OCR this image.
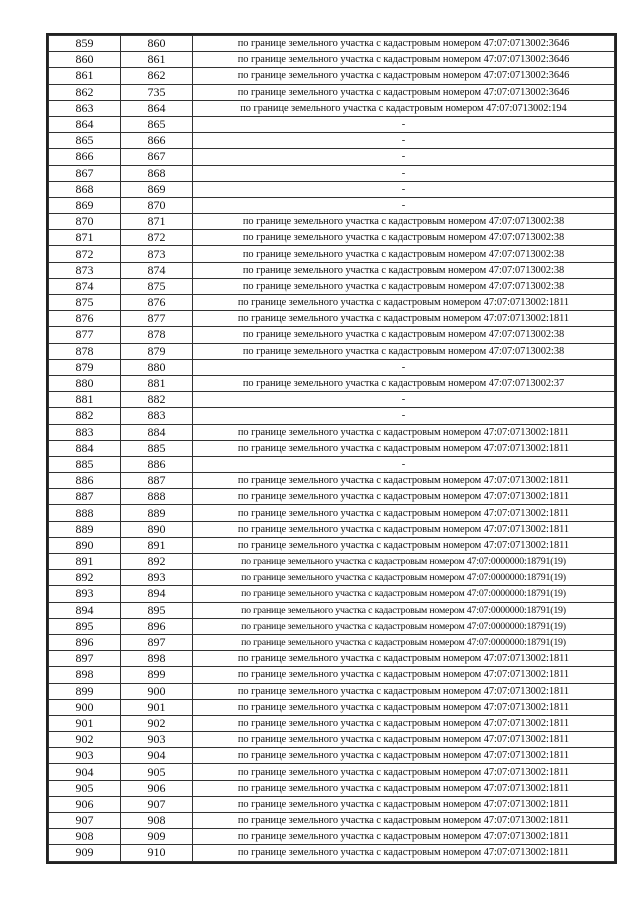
859	860	по границе земельного участка с кадастровым номером 47:07:0713002:3646
860	861	по границе земельного участка с кадастровым номером 47:07:0713002:3646
861	862	по границе земельного участка с кадастровым номером 47:07:0713002:3646
862	735	по границе земельного участка с кадастровым номером 47:07:0713002:3646
863	864	по границе земельного участка с кадастровым номером 47:07:0713002:194
864	865	-
865	866	-
866	867	-
867	868	-
868	869	-
869	870	-
870	871	по границе земельного участка с кадастровым номером 47:07:0713002:38
871	872	по границе земельного участка с кадастровым номером 47:07:0713002:38
872	873	по границе земельного участка с кадастровым номером 47:07:0713002:38
873	874	по границе земельного участка с кадастровым номером 47:07:0713002:38
874	875	по границе земельного участка с кадастровым номером 47:07:0713002:38
875	876	по границе земельного участка с кадастровым номером 47:07:0713002:1811
876	877	по границе земельного участка с кадастровым номером 47:07:0713002:1811
877	878	по границе земельного участка с кадастровым номером 47:07:0713002:38
878	879	по границе земельного участка с кадастровым номером 47:07:0713002:38
879	880	-
880	881	по границе земельного участка с кадастровым номером 47:07:0713002:37
881	882	-
882	883	-
883	884	по границе земельного участка с кадастровым номером 47:07:0713002:1811
884	885	по границе земельного участка с кадастровым номером 47:07:0713002:1811
885	886	-
886	887	по границе земельного участка с кадастровым номером 47:07:0713002:1811
887	888	по границе земельного участка с кадастровым номером 47:07:0713002:1811
888	889	по границе земельного участка с кадастровым номером 47:07:0713002:1811
889	890	по границе земельного участка с кадастровым номером 47:07:0713002:1811
890	891	по границе земельного участка с кадастровым номером 47:07:0713002:1811
891	892	по границе земельного участка с кадастровым номером 47:07:0000000:18791(19)
892	893	по границе земельного участка с кадастровым номером 47:07:0000000:18791(19)
893	894	по границе земельного участка с кадастровым номером 47:07:0000000:18791(19)
894	895	по границе земельного участка с кадастровым номером 47:07:0000000:18791(19)
895	896	по границе земельного участка с кадастровым номером 47:07:0000000:18791(19)
896	897	по границе земельного участка с кадастровым номером 47:07:0000000:18791(19)
897	898	по границе земельного участка с кадастровым номером 47:07:0713002:1811
898	899	по границе земельного участка с кадастровым номером 47:07:0713002:1811
899	900	по границе земельного участка с кадастровым номером 47:07:0713002:1811
900	901	по границе земельного участка с кадастровым номером 47:07:0713002:1811
901	902	по границе земельного участка с кадастровым номером 47:07:0713002:1811
902	903	по границе земельного участка с кадастровым номером 47:07:0713002:1811
903	904	по границе земельного участка с кадастровым номером 47:07:0713002:1811
904	905	по границе земельного участка с кадастровым номером 47:07:0713002:1811
905	906	по границе земельного участка с кадастровым номером 47:07:0713002:1811
906	907	по границе земельного участка с кадастровым номером 47:07:0713002:1811
907	908	по границе земельного участка с кадастровым номером 47:07:0713002:1811
908	909	по границе земельного участка с кадастровым номером 47:07:0713002:1811
909	910	по границе земельного участка с кадастровым номером 47:07:0713002:1811
